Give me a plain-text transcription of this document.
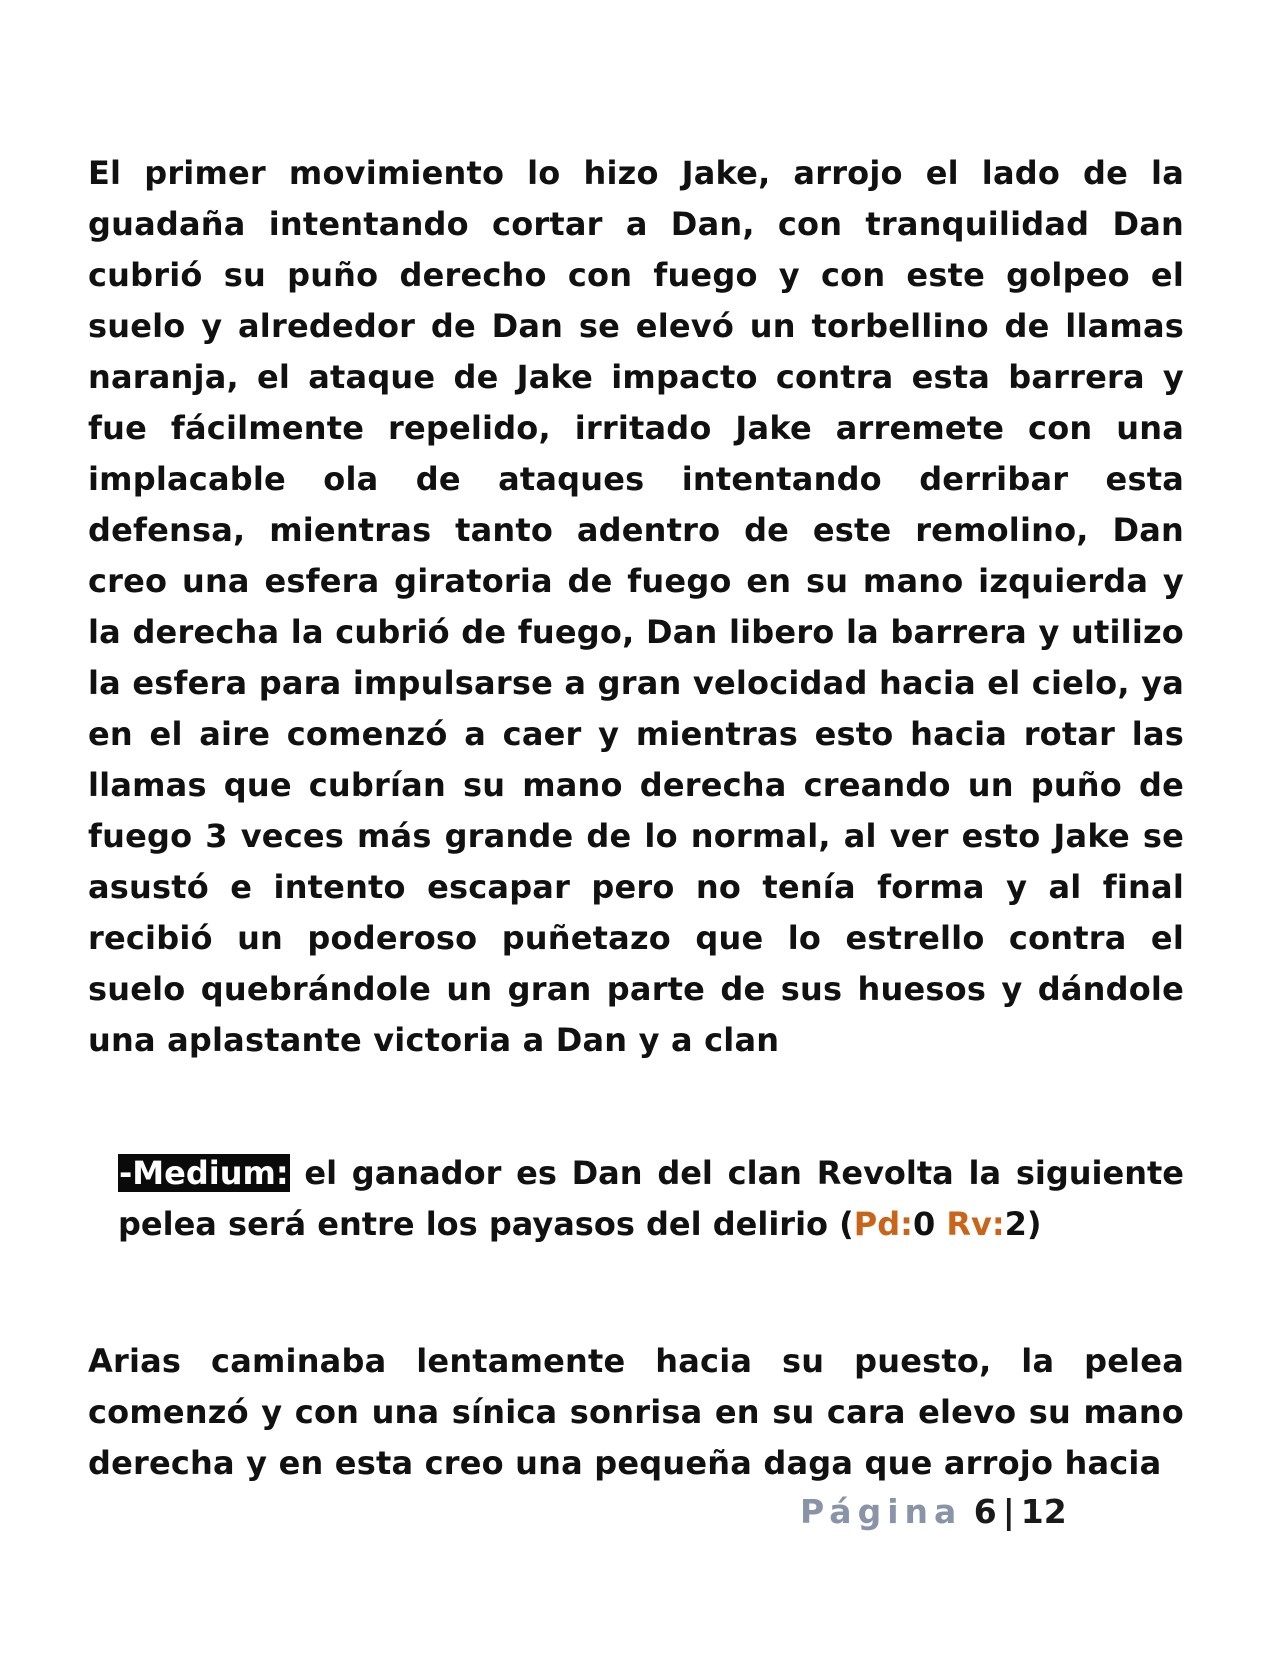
El primer movimiento lo hizo Jake, arrojo el lado de la guadaña intentando cortar a Dan, con tranquilidad Dan cubrió su puño derecho con fuego y con este golpeo el suelo y alrededor de Dan se elevó un torbellino de llamas naranja, el ataque de Jake impacto contra esta barrera y fue fácilmente repelido, irritado Jake arremete con una implacable ola de ataques intentando derribar esta defensa, mientras tanto adentro de este remolino, Dan creo una esfera giratoria de fuego en su mano izquierda y la derecha la cubrió de fuego, Dan libero la barrera y utilizo la esfera para impulsarse a gran velocidad hacia el cielo, ya en el aire comenzó a caer y mientras esto hacia rotar las llamas que cubrían su mano derecha creando un puño de fuego 3 veces más grande de lo normal, al ver esto Jake se asustó e intento escapar pero no tenía forma y al final recibió un poderoso puñetazo que lo estrello contra el suelo quebrándole un gran parte de sus huesos y dándole una aplastante victoria a Dan y a clan

-Medium: el ganador es Dan del clan Revolta la siguiente pelea será entre los payasos del delirio (Pd:0 Rv:2)

Arias caminaba lentamente hacia su puesto, la pelea comenzó y con una sínica sonrisa en su cara elevo su mano derecha y en esta creo una pequeña daga que arrojo hacia

Página 6 | 12
